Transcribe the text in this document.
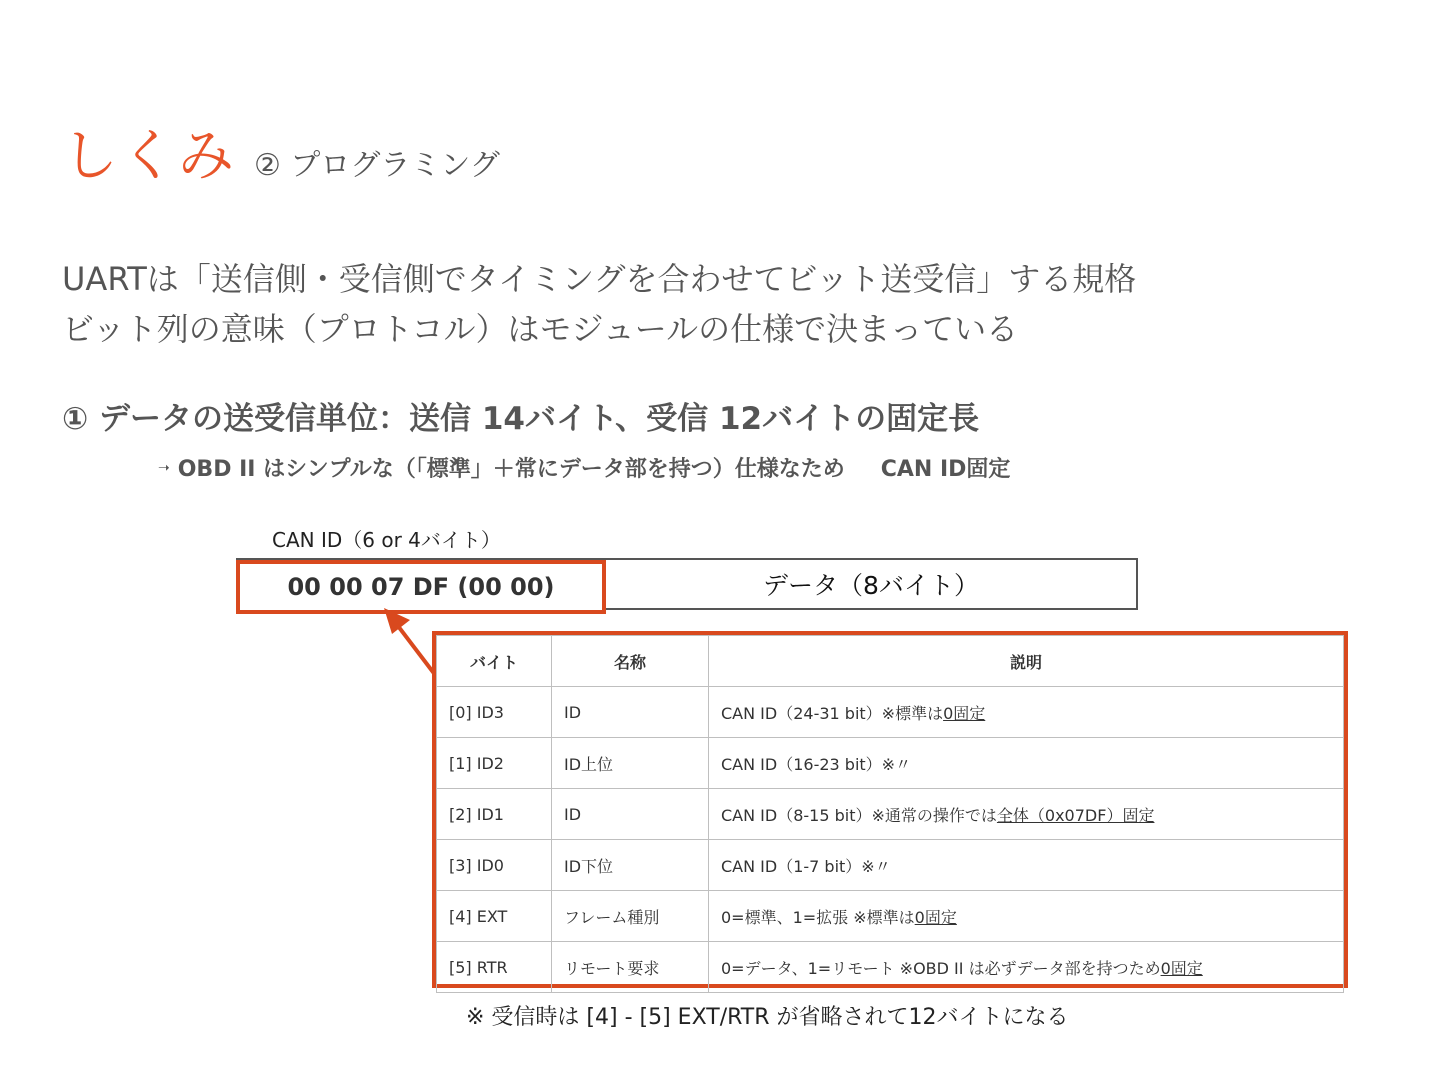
しくみ ② プログラミング
UARTは「送信側・受信側でタイミングを合わせてビット送受信」する規格
ビット列の意味（プロトコル）はモジュールの仕様で決まっている
① データの送受信単位：送信 14バイト、受信 12バイトの固定長
➝ OBD II はシンプルな（「標準」＋常にデータ部を持つ）仕様なため CAN ID固定
CAN ID（6 or 4バイト）
データ（8バイト）
00 00 07 DF (00 00)
バイト	名称	説明
[0] ID3	ID	CAN ID（24-31 bit）※標準は0固定
[1] ID2	ID上位	CAN ID（16-23 bit）※〃
[2] ID1	ID	CAN ID（8-15 bit）※通常の操作では全体（0x07DF）固定
[3] ID0	ID下位	CAN ID（1-7 bit）※〃
[4] EXT	フレーム種別	0=標準、1=拡張 ※標準は0固定
[5] RTR	リモート要求	0=データ、1=リモート ※OBD II は必ずデータ部を持つため0固定
※ 受信時は [4] - [5] EXT/RTR が省略されて12バイトになる
